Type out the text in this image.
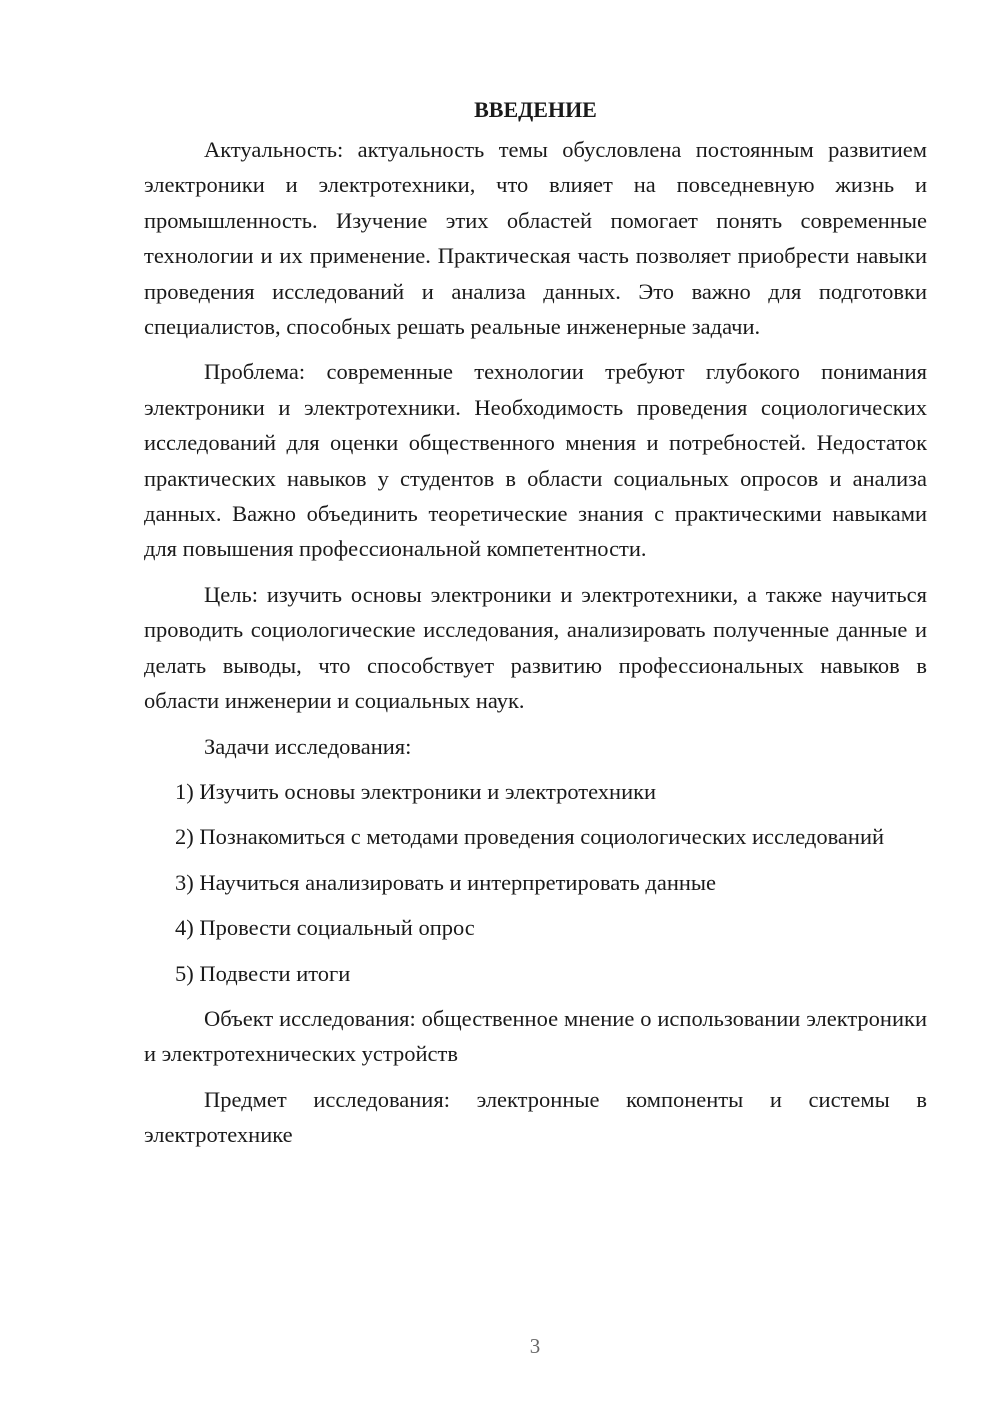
ВВЕДЕНИЕ

Актуальность: актуальность темы обусловлена постоянным развитием электроники и электротехники, что влияет на повседневную жизнь и промышленность. Изучение этих областей помогает понять современные технологии и их применение. Практическая часть позволяет приобрести навыки проведения исследований и анализа данных. Это важно для подготовки специалистов, способных решать реальные инженерные задачи.

Проблема: современные технологии требуют глубокого понимания электроники и электротехники. Необходимость проведения социологических исследований для оценки общественного мнения и потребностей. Недостаток практических навыков у студентов в области социальных опросов и анализа данных. Важно объединить теоретические знания с практическими навыками для повышения профессиональной компетентности.

Цель: изучить основы электроники и электротехники, а также научиться проводить социологические исследования, анализировать полученные данные и делать выводы, что способствует развитию профессиональных навыков в области инженерии и социальных наук.

Задачи исследования:

1) Изучить основы электроники и электротехники

2) Познакомиться с методами проведения социологических исследований

3) Научиться анализировать и интерпретировать данные

4) Провести социальный опрос

5) Подвести итоги

Объект исследования: общественное мнение о использовании электроники и электротехнических устройств

Предмет исследования: электронные компоненты и системы в электротехнике

3
